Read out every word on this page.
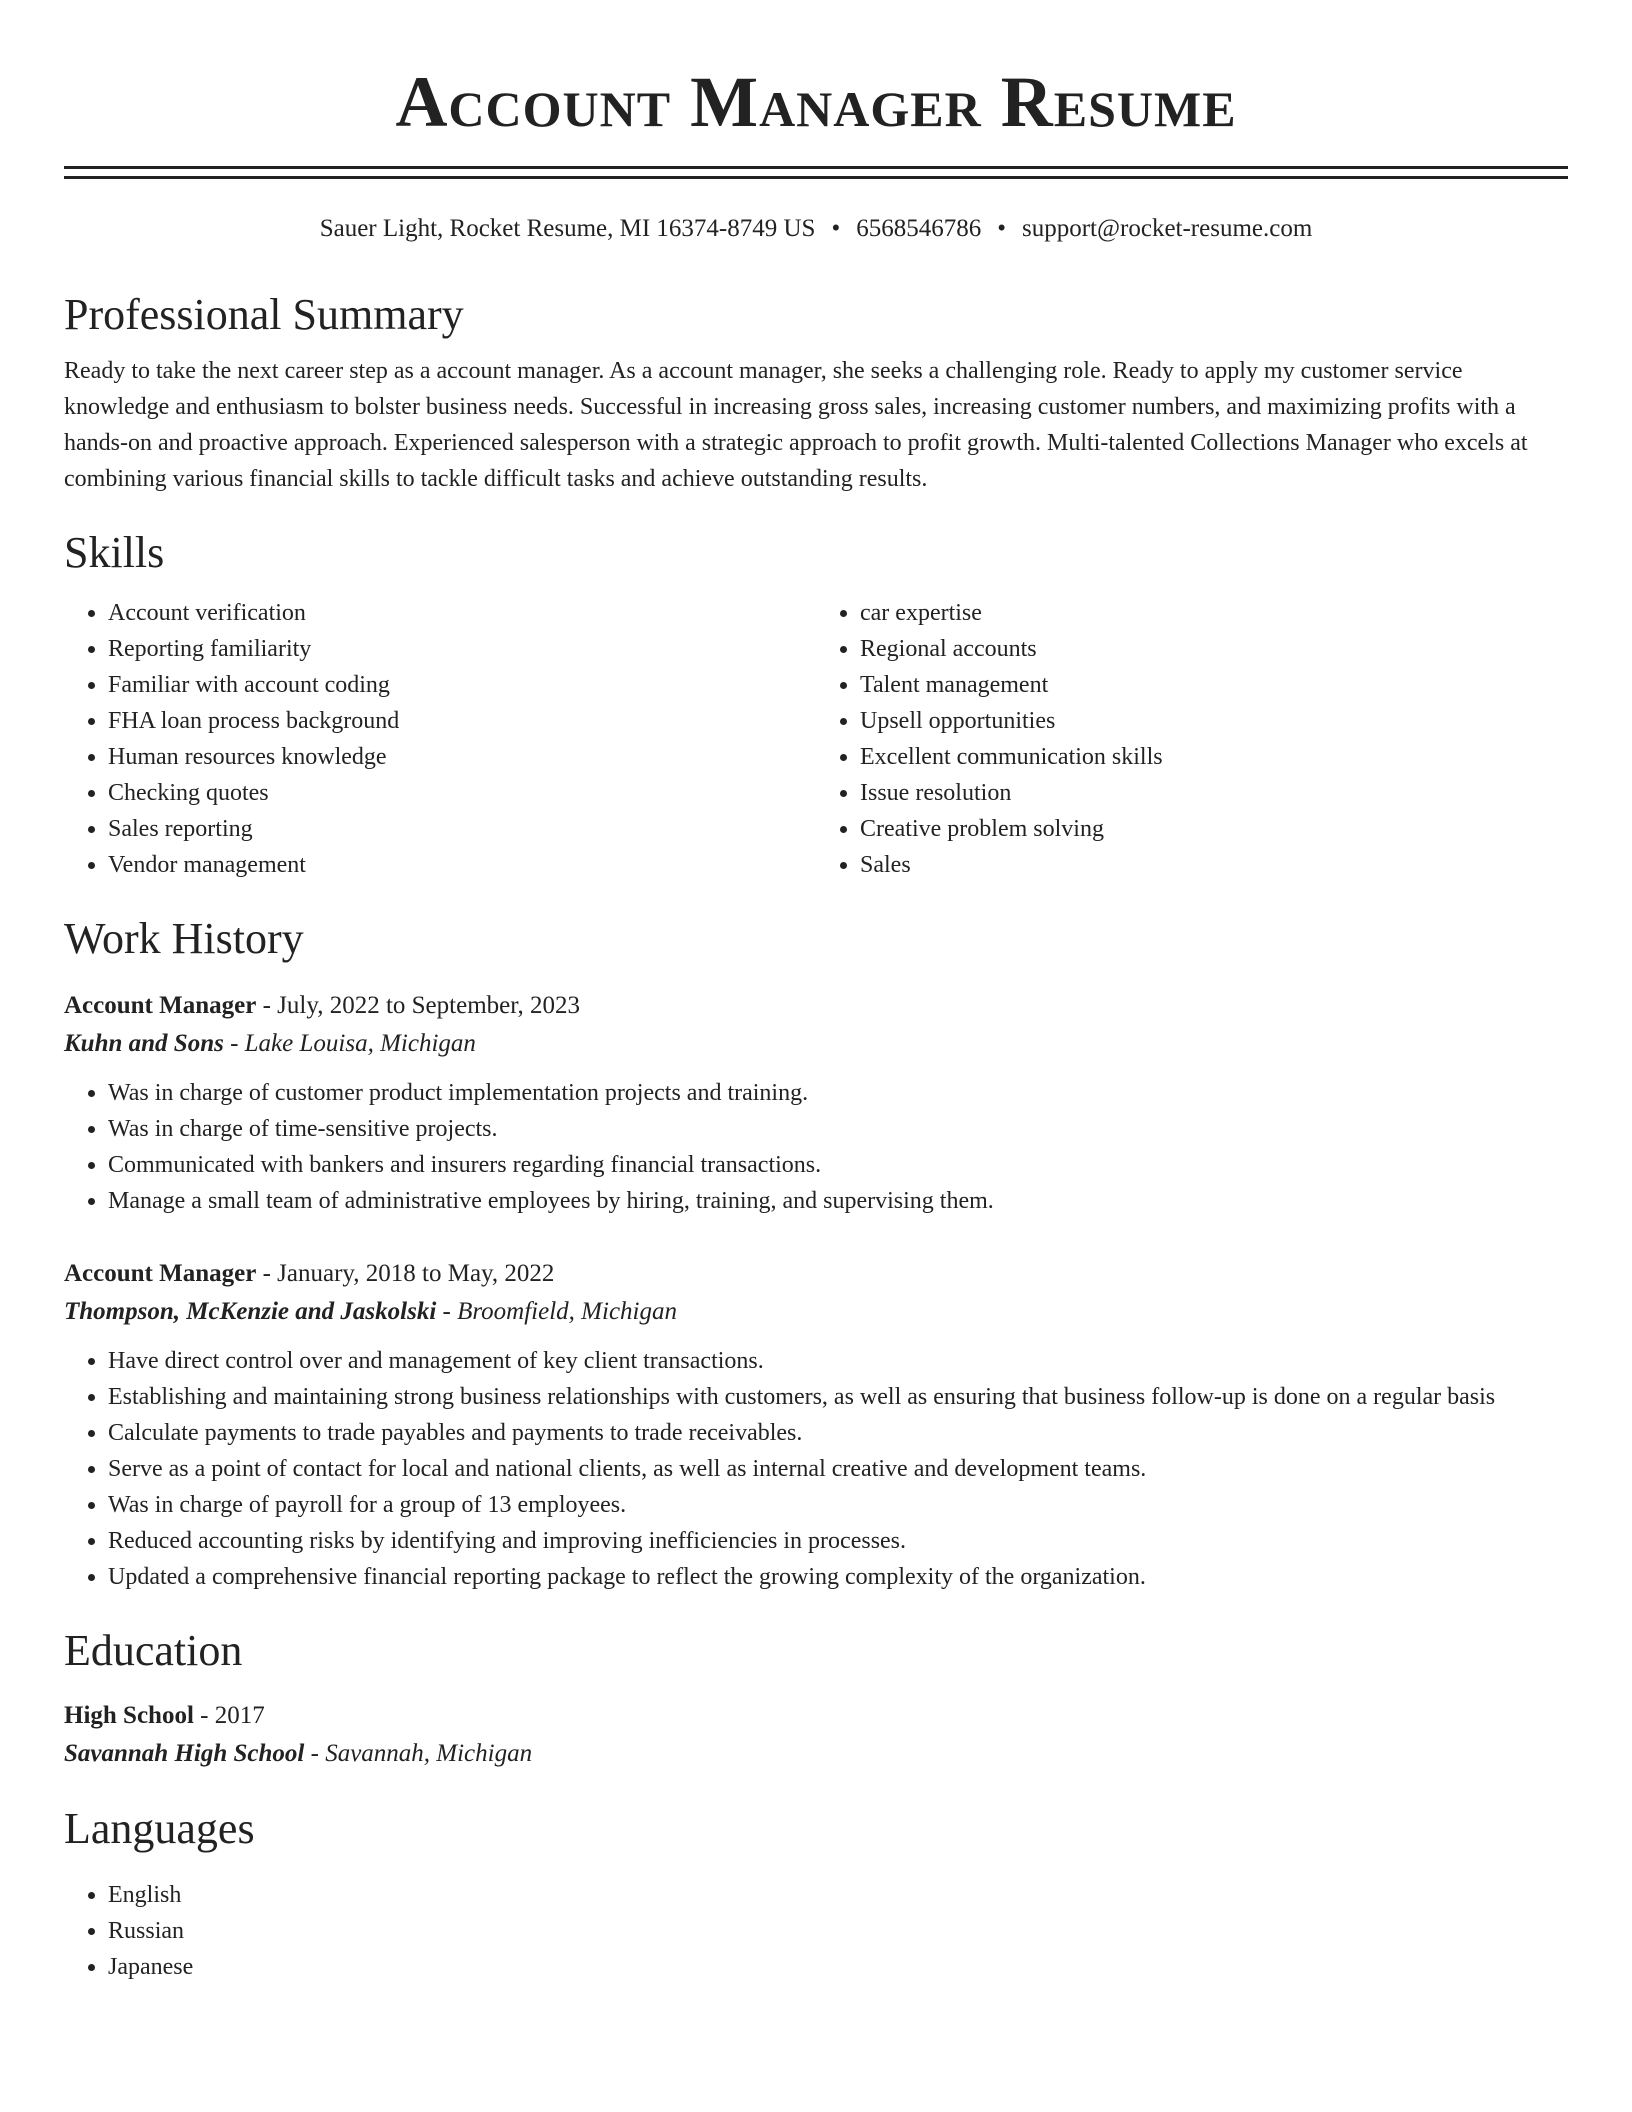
Account Manager Resume
Sauer Light, Rocket Resume, MI 16374-8749 US • 6568546786 • support@rocket-resume.com
Professional Summary

Ready to take the next career step as a account manager. As a account manager, she seeks a challenging role. Ready to apply my customer service knowledge and enthusiasm to bolster business needs. Successful in increasing gross sales, increasing customer numbers, and maximizing profits with a hands-on and proactive approach. Experienced salesperson with a strategic approach to profit growth. Multi-talented Collections Manager who excels at combining various financial skills to tackle difficult tasks and achieve outstanding results.

Skills
• Account verification
• Reporting familiarity
• Familiar with account coding
• FHA loan process background
• Human resources knowledge
• Checking quotes
• Sales reporting
• Vendor management
• car expertise
• Regional accounts
• Talent management
• Upsell opportunities
• Excellent communication skills
• Issue resolution
• Creative problem solving
• Sales
Work History
Account Manager - July, 2022 to September, 2023
Kuhn and Sons - Lake Louisa, Michigan
• Was in charge of customer product implementation projects and training.
• Was in charge of time-sensitive projects.
• Communicated with bankers and insurers regarding financial transactions.
• Manage a small team of administrative employees by hiring, training, and supervising them.
Account Manager - January, 2018 to May, 2022
Thompson, McKenzie and Jaskolski - Broomfield, Michigan
• Have direct control over and management of key client transactions.
• Establishing and maintaining strong business relationships with customers, as well as ensuring that business follow-up is done on a regular basis
• Calculate payments to trade payables and payments to trade receivables.
• Serve as a point of contact for local and national clients, as well as internal creative and development teams.
• Was in charge of payroll for a group of 13 employees.
• Reduced accounting risks by identifying and improving inefficiencies in processes.
• Updated a comprehensive financial reporting package to reflect the growing complexity of the organization.
Education
High School - 2017
Savannah High School - Savannah, Michigan
Languages
• English
• Russian
• Japanese
